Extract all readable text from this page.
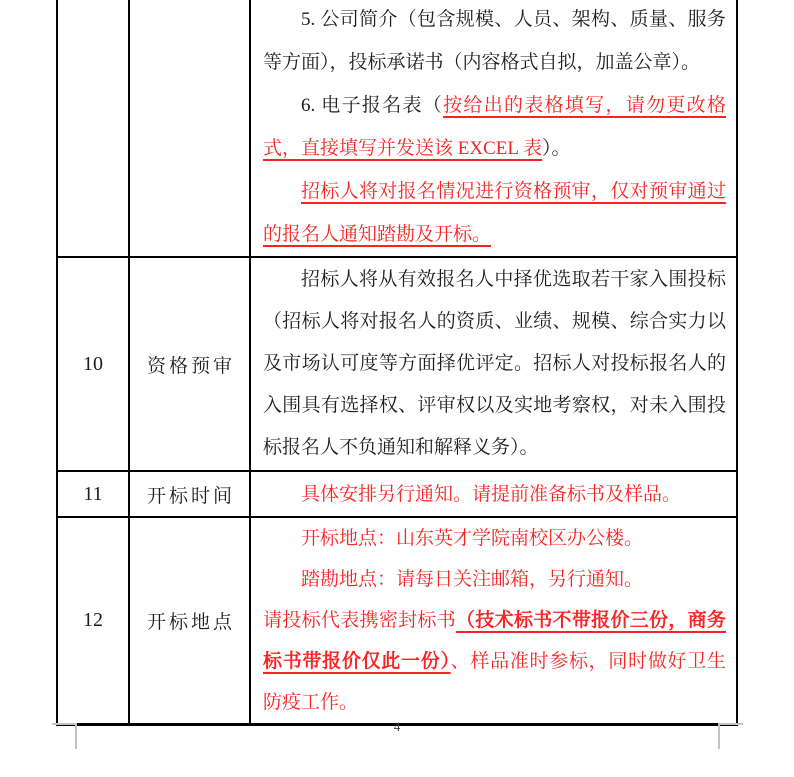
		5. 公司简介（包含规模、人员、架构、质量、服务等方面），投标承诺书（内容格式自拟，加盖公章）。

6. 电子报名表（按给出的表格填写，请勿更改格式，直接填写并发送该 EXCEL 表）。

招标人将对报名情况进行资格预审，仅对预审通过的报名人通知踏勘及开标。

10	资格预审	招标人将从有效报名人中择优选取若干家入围投标（招标人将对报名人的资质、业绩、规模、综合实力以及市场认可度等方面择优评定。招标人对投标报名人的入围具有选择权、评审权以及实地考察权，对未入围投标报名人不负通知和解释义务）。

11	开标时间	具体安排另行通知。请提前准备标书及样品。

12	开标地点	开标地点：山东英才学院南校区办公楼。

踏勘地点：请每日关注邮箱，另行通知。

请投标代表携密封标书（技术标书不带报价三份，商务标书带报价仅此一份）、样品准时参标，同时做好卫生防疫工作。

4
